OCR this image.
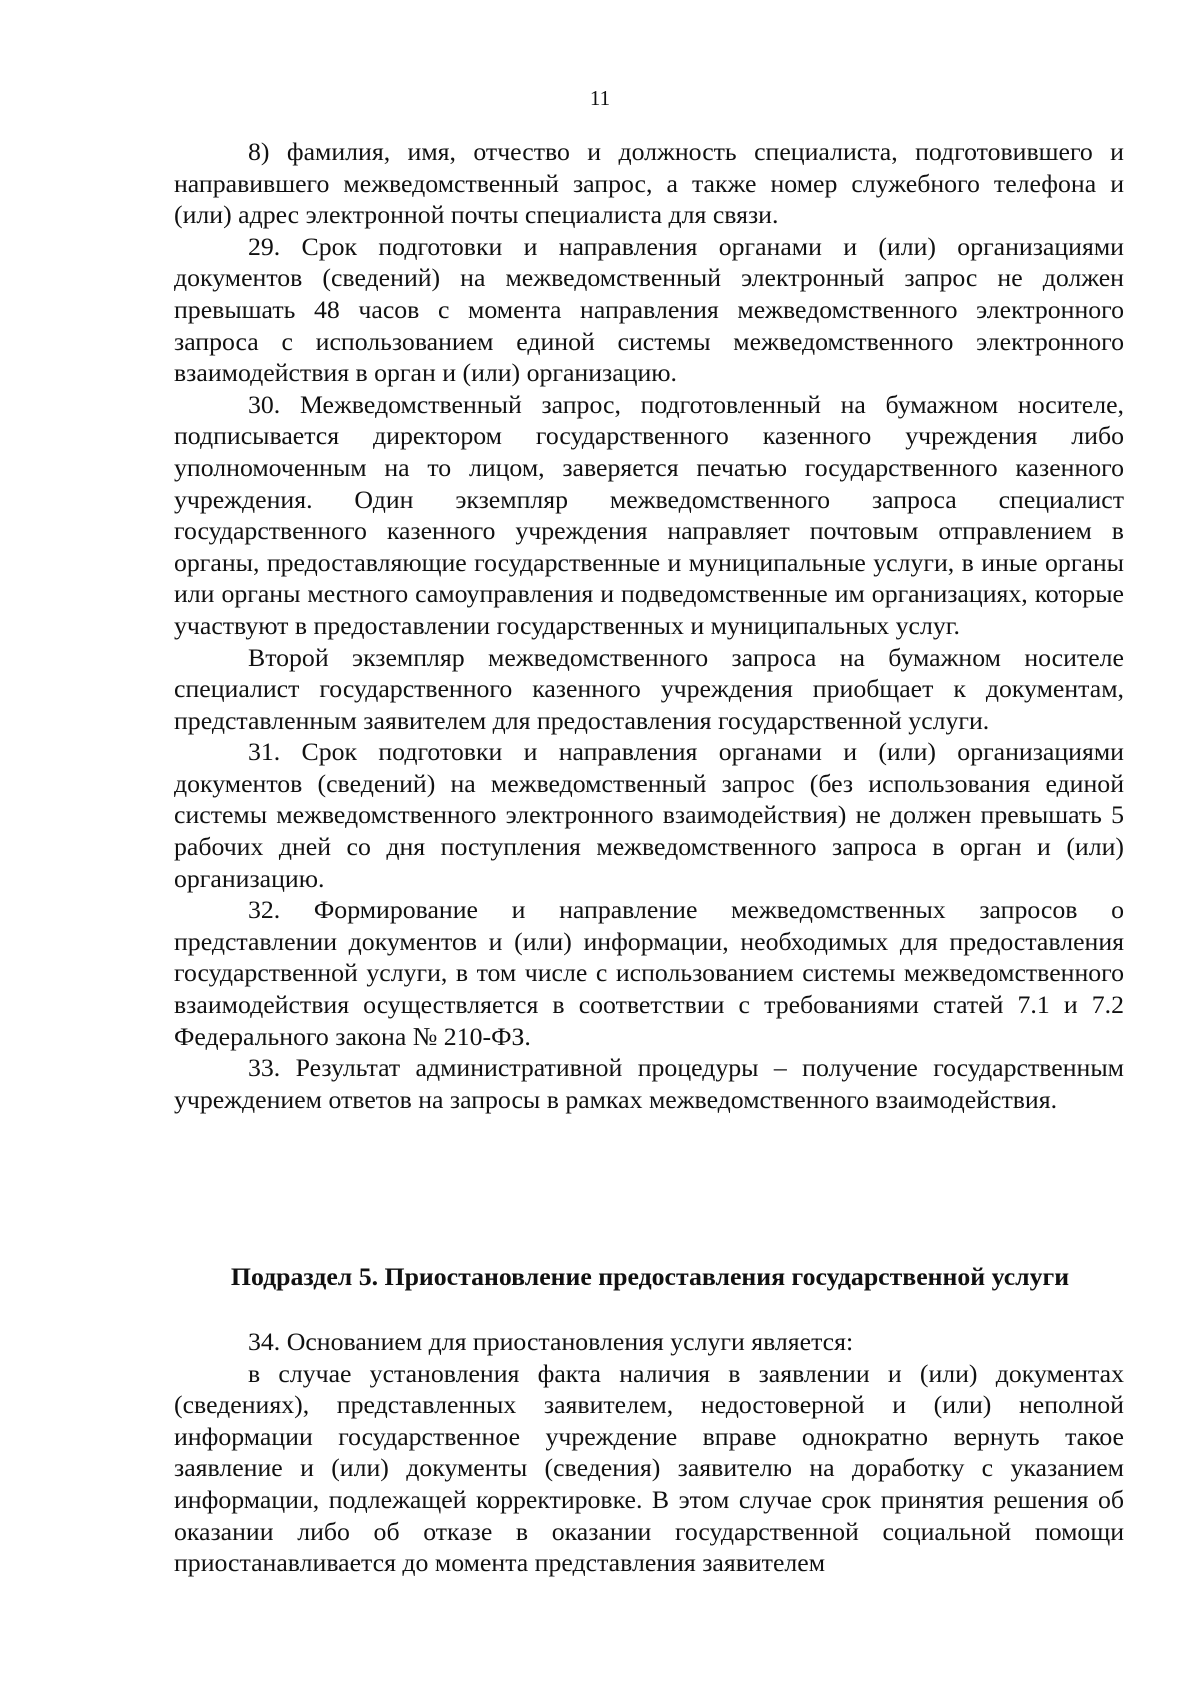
11

8) фамилия, имя, отчество и должность специалиста, подготовившего и направившего межведомственный запрос, а также номер служебного телефона и (или) адрес электронной почты специалиста для связи.

29. Срок подготовки и направления органами и (или) организациями документов (сведений) на межведомственный электронный запрос не должен превышать 48 часов с момента направления межведомственного электронного запроса с использованием единой системы межведомственного электронного взаимодействия в орган и (или) организацию.

30. Межведомственный запрос, подготовленный на бумажном носителе, подписывается директором государственного казенного учреждения либо уполномоченным на то лицом, заверяется печатью государственного казенного учреждения. Один экземпляр межведомственного запроса специалист государственного казенного учреждения направляет почтовым отправлением в органы, предоставляющие государственные и муниципальные услуги, в иные органы или органы местного самоуправления и подведомственные им организациях, которые участвуют в предоставлении государственных и муниципальных услуг.

Второй экземпляр межведомственного запроса на бумажном носителе специалист государственного казенного учреждения приобщает к документам, представленным заявителем для предоставления государственной услуги.

31. Срок подготовки и направления органами и (или) организациями документов (сведений) на межведомственный запрос (без использования единой системы межведомственного электронного взаимодействия) не должен превышать 5 рабочих дней со дня поступления межведомственного запроса в орган и (или) организацию.

32. Формирование и направление межведомственных запросов о представлении документов и (или) информации, необходимых для предоставления государственной услуги, в том числе с использованием системы межведомственного взаимодействия осуществляется в соответствии с требованиями статей 7.1 и 7.2 Федерального закона № 210-ФЗ.

33. Результат административной процедуры – получение государственным учреждением ответов на запросы в рамках межведомственного взаимодействия.

Подраздел 5. Приостановление предоставления государственной услуги

34. Основанием для приостановления услуги является:

в случае установления факта наличия в заявлении и (или) документах (сведениях), представленных заявителем, недостоверной и (или) неполной информации государственное учреждение вправе однократно вернуть такое заявление и (или) документы (сведения) заявителю на доработку с указанием информации, подлежащей корректировке. В этом случае срок принятия решения об оказании либо об отказе в оказании государственной социальной помощи приостанавливается до момента представления заявителем
